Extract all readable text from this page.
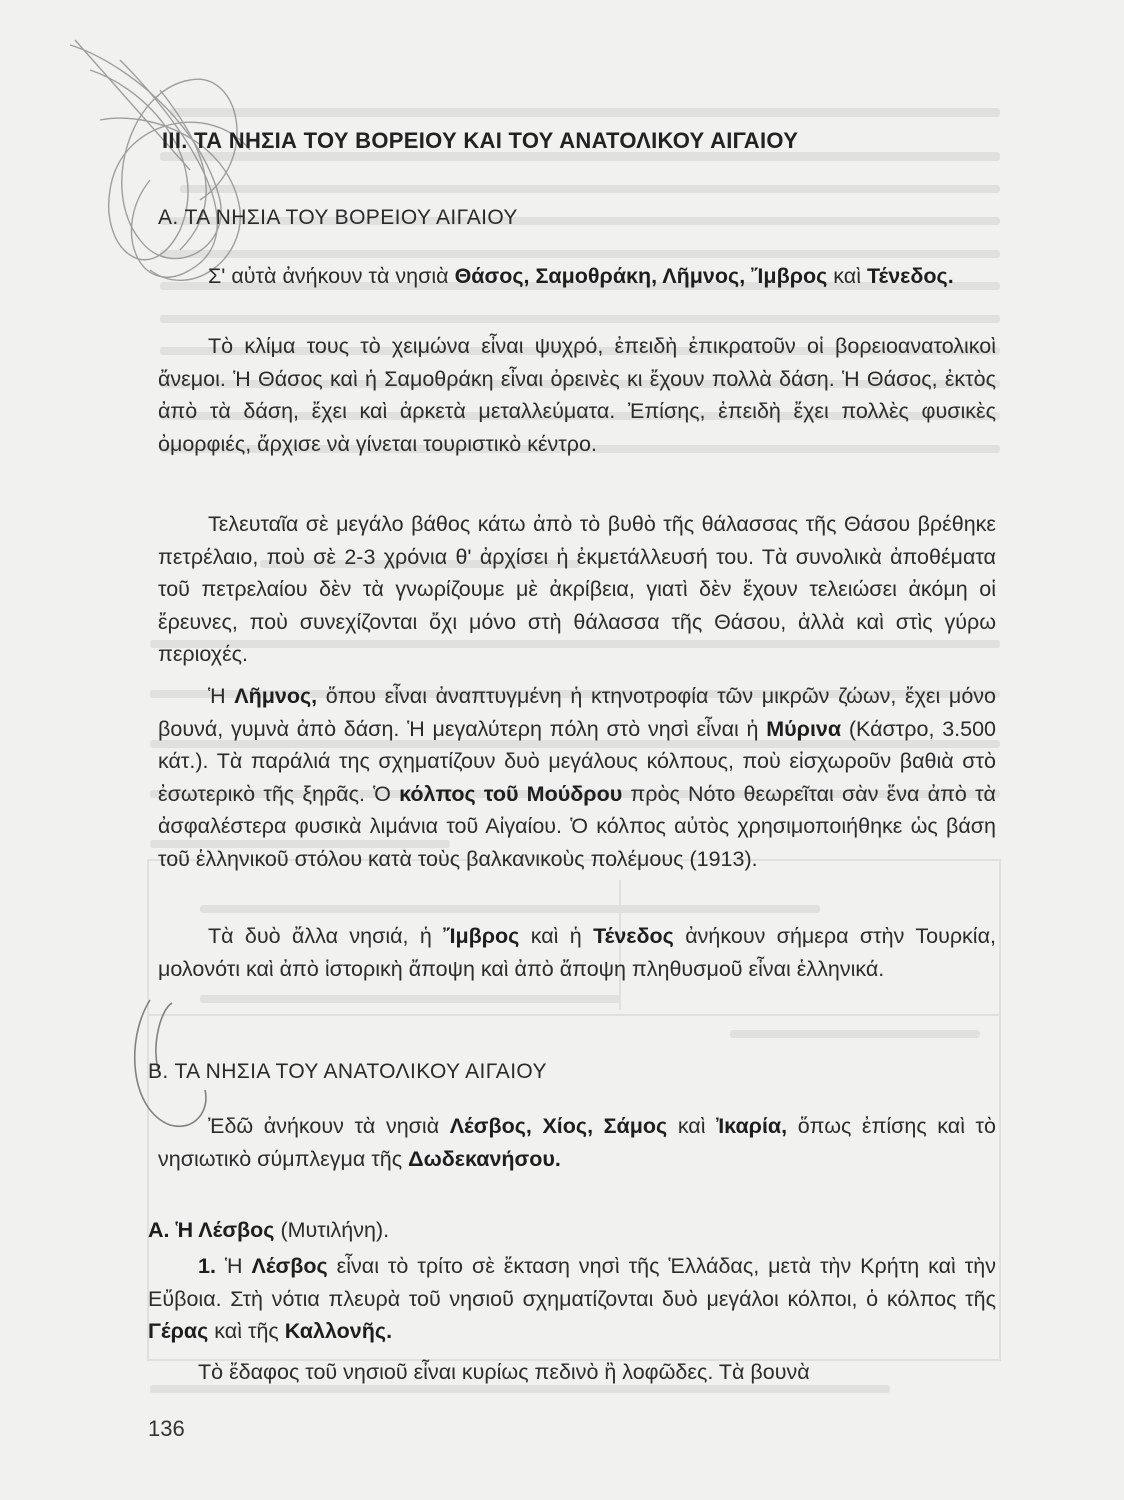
ΙΙΙ. ΤΑ ΝΗΣΙΑ ΤΟΥ ΒΟΡΕΙΟΥ ΚΑΙ ΤΟΥ ΑΝΑΤΟΛΙΚΟΥ ΑΙΓΑΙΟΥ
Α. ΤΑ ΝΗΣΙΑ ΤΟΥ ΒΟΡΕΙΟΥ ΑΙΓΑΙΟΥ
Σ' αὐτὰ ἀνήκουν τὰ νησιὰ Θάσος, Σαμοθράκη, Λῆμνος, Ἴμβρος καὶ Τένεδος.
Τὸ κλίμα τους τὸ χειμώνα εἶναι ψυχρό, ἐπειδὴ ἐπικρατοῦν οἱ βορειοανατολικοὶ ἄνεμοι. Ἡ Θάσος καὶ ἡ Σαμοθράκη εἶναι ὀρεινὲς κι ἔχουν πολλὰ δάση. Ἡ Θάσος, ἐκτὸς ἀπὸ τὰ δάση, ἔχει καὶ ἀρκετὰ μεταλλεύματα. Ἐπίσης, ἐπειδὴ ἔχει πολλὲς φυσικὲς ὀμορφιές, ἄρχισε νὰ γίνεται τουριστικὸ κέντρο.
Τελευταῖα σὲ μεγάλο βάθος κάτω ἀπὸ τὸ βυθὸ τῆς θάλασσας τῆς Θάσου βρέθηκε πετρέλαιο, ποὺ σὲ 2-3 χρόνια θ' ἀρχίσει ἡ ἐκμετάλλευσή του. Τὰ συνολικὰ ἀποθέματα τοῦ πετρελαίου δὲν τὰ γνωρίζουμε μὲ ἀκρίβεια, γιατὶ δὲν ἔχουν τελειώσει ἀκόμη οἱ ἔρευνες, ποὺ συνεχίζονται ὄχι μόνο στὴ θάλασσα τῆς Θάσου, ἀλλὰ καὶ στὶς γύρω περιοχές.
Ἡ Λῆμνος, ὅπου εἶναι ἀναπτυγμένη ἡ κτηνοτροφία τῶν μικρῶν ζώων, ἔχει μόνο βουνά, γυμνὰ ἀπὸ δάση. Ἡ μεγαλύτερη πόλη στὸ νησὶ εἶναι ἡ Μύρινα (Κάστρο, 3.500 κάτ.). Τὰ παράλιά της σχηματίζουν δυὸ μεγάλους κόλπους, ποὺ εἰσχωροῦν βαθιὰ στὸ ἐσωτερικὸ τῆς ξηρᾶς. Ὁ κόλπος τοῦ Μούδρου πρὸς Νότο θεωρεῖται σὰν ἕνα ἀπὸ τὰ ἀσφαλέστερα φυσικὰ λιμάνια τοῦ Αἰγαίου. Ὁ κόλπος αὐτὸς χρησιμοποιήθηκε ὡς βάση τοῦ ἑλληνικοῦ στόλου κατὰ τοὺς βαλκανικοὺς πολέμους (1913).
Τὰ δυὸ ἄλλα νησιά, ἡ Ἴμβρος καὶ ἡ Τένεδος ἀνήκουν σήμερα στὴν Τουρκία, μολονότι καὶ ἀπὸ ἱστορικὴ ἄποψη καὶ ἀπὸ ἄποψη πληθυσμοῦ εἶναι ἑλληνικά.
Β. ΤΑ ΝΗΣΙΑ ΤΟΥ ΑΝΑΤΟΛΙΚΟΥ ΑΙΓΑΙΟΥ
Ἐδῶ ἀνήκουν τὰ νησιὰ Λέσβος, Χίος, Σάμος καὶ Ἰκαρία, ὅπως ἐπίσης καὶ τὸ νησιωτικὸ σύμπλεγμα τῆς Δωδεκανήσου.
Α. Ἡ Λέσβος (Μυτιλήνη).
1. Ἡ Λέσβος εἶναι τὸ τρίτο σὲ ἔκταση νησὶ τῆς Ἑλλάδας, μετὰ τὴν Κρήτη καὶ τὴν Εὔβοια. Στὴ νότια πλευρὰ τοῦ νησιοῦ σχηματίζονται δυὸ μεγάλοι κόλποι, ὁ κόλπος τῆς Γέρας καὶ τῆς Καλλονῆς.
Τὸ ἔδαφος τοῦ νησιοῦ εἶναι κυρίως πεδινὸ ἢ λοφῶδες. Τὰ βουνὰ
136
